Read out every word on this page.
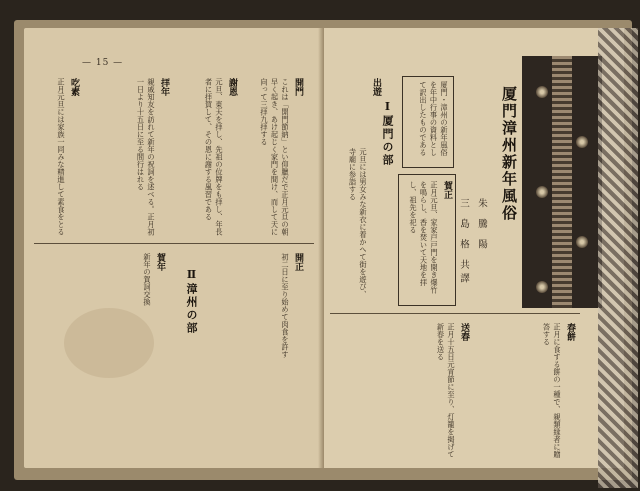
— 15 —
開門
これは「開門節納」とい仰臘だで正月元旦の朝早く起き、あけ起じく家門を間け、而して天に向って三拝九拝する
謝恩
元旦、東天を拝し、先祖の位牌をも拝し、年長者に拝賀して、その恩に謝する風習である
拝年
親戚知友を訪れて新年の祝詞を述べる。正月初一日より十五日に至る間行はれる
吃素
正月元旦には家族一同みな精進して素食をとる
開正
初二日に至り始めて肉食を許す
Ⅱ漳州の部
賀年
新年の賀詞交換
厦門漳州新年風俗
朱 騰 陽
三 島 格 共譯
厦門・漳州の新年風俗を年中行事の資料として訳出したものである
Ⅰ厦門の部
賀正
正月元旦、家家戸戸門を開き爆竹を鳴らし、香を焚いて天地を拝し、祖先を祀る
出遊
元旦には男女みな新衣に着かへて街を遊び、寺廟に参詣する
春餅
正月に食する餅の一種で、親類縁者に贈答する
送春
正月十五日元宵節に至り、灯籠を掲げて新春を送る
